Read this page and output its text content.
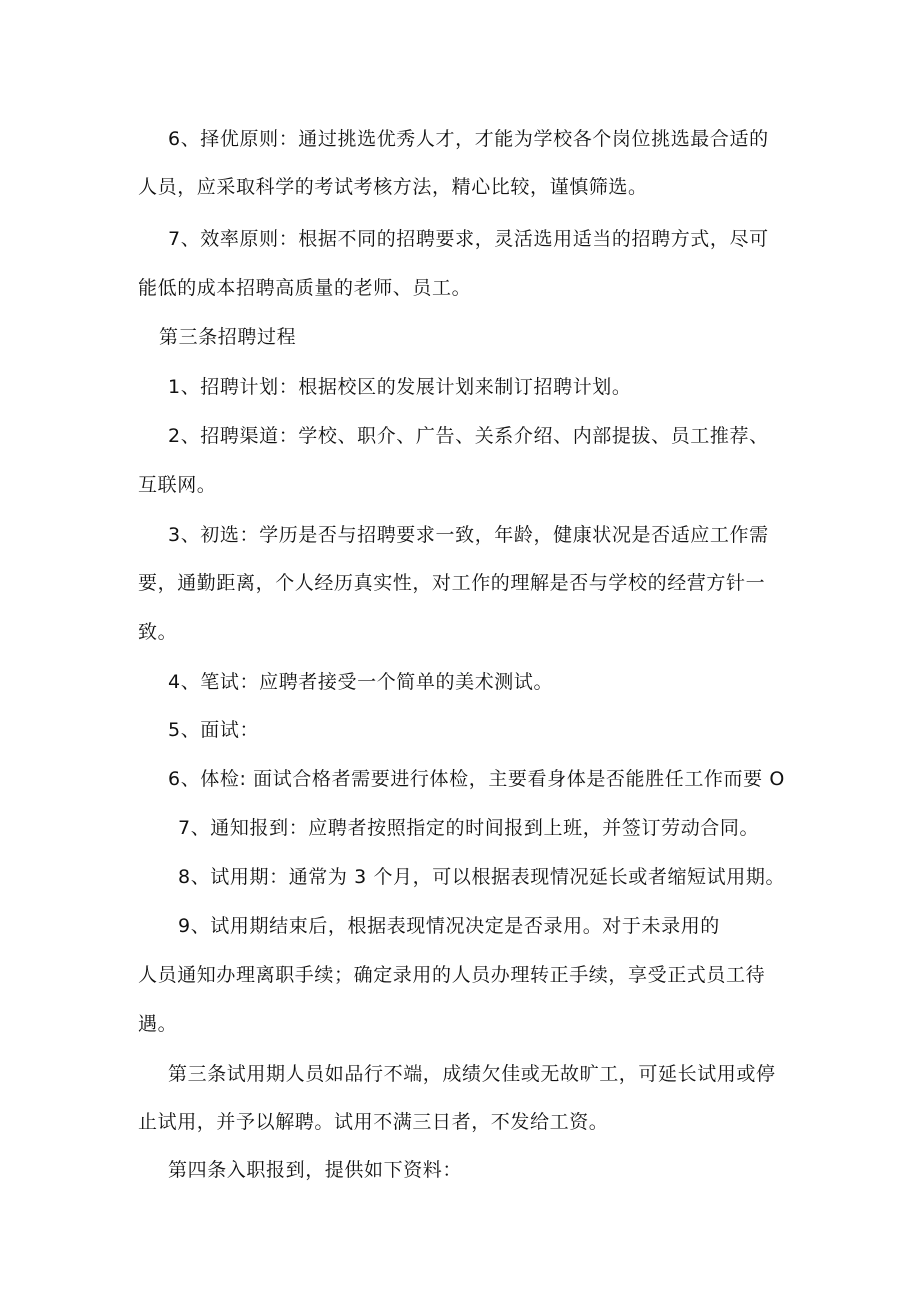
6、择优原则：通过挑选优秀人才，才能为学校各个岗位挑选最合适的
人员，应采取科学的考试考核方法，精心比较，谨慎筛选。
7、效率原则：根据不同的招聘要求，灵活选用适当的招聘方式，尽可
能低的成本招聘高质量的老师、员工。
第三条招聘过程
1、招聘计划：根据校区的发展计划来制订招聘计划。
2、招聘渠道：学校、职介、广告、关系介绍、内部提拔、员工推荐、
互联网。
3、初选：学历是否与招聘要求一致，年龄，健康状况是否适应工作需
要，通勤距离，个人经历真实性，对工作的理解是否与学校的经营方针一
致。
4、笔试：应聘者接受一个简单的美术测试。
5、面试：
6、体检: 面试合格者需要进行体检，主要看身体是否能胜任工作而要 O
7、通知报到：应聘者按照指定的时间报到上班，并签订劳动合同。
8、试用期：通常为 3 个月，可以根据表现情况延长或者缩短试用期。
9、试用期结束后，根据表现情况决定是否录用。对于未录用的
人员通知办理离职手续；确定录用的人员办理转正手续，享受正式员工待
遇。
第三条试用期人员如品行不端，成绩欠佳或无故旷工，可延长试用或停
止试用，并予以解聘。试用不满三日者，不发给工资。
第四条入职报到，提供如下资料：
